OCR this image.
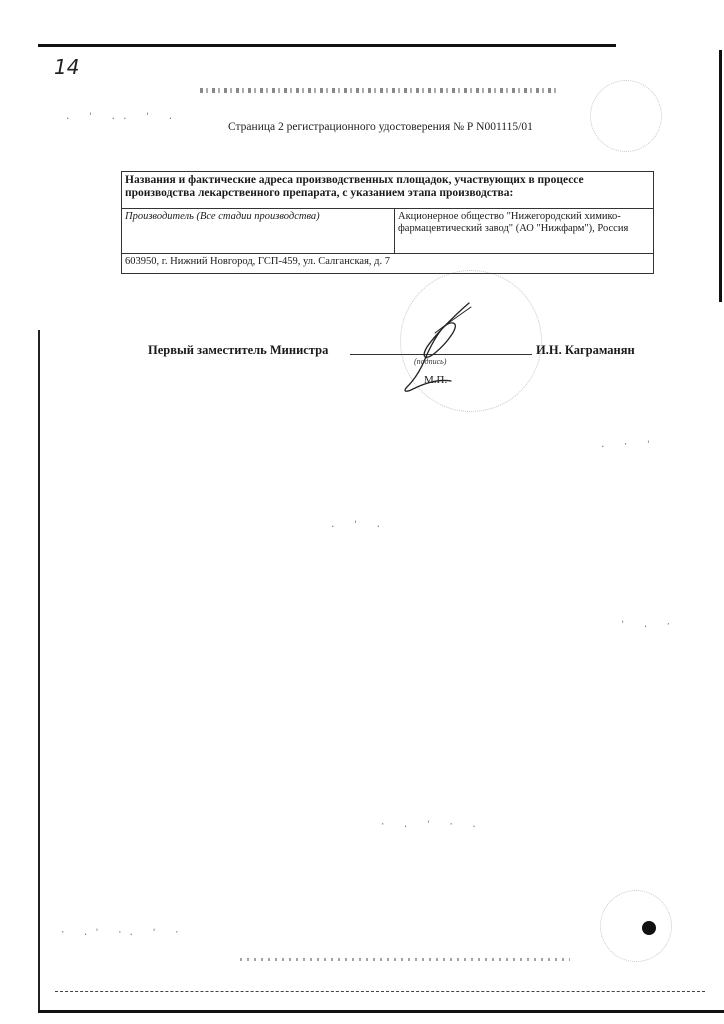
. ' .. ' .
· .' ·. ' ·
. · '
' . ·
. ' .
· . ' · .
14
Страница 2 регистрационного удостоверения № Р N001115/01
Названия и фактические адреса производственных площадок, участвующих в процессе производства лекарственного препарата, с указанием этапа производства:
Производитель (Все стадии производства)	Акционерное общество "Нижегородский химико-фармацевтический завод" (АО "Нижфарм"), Россия
603950, г. Нижний Новгород, ГСП-459, ул. Салганская, д. 7
Первый заместитель Министра
(подпись)
И.Н. Каграманян
М.П.
